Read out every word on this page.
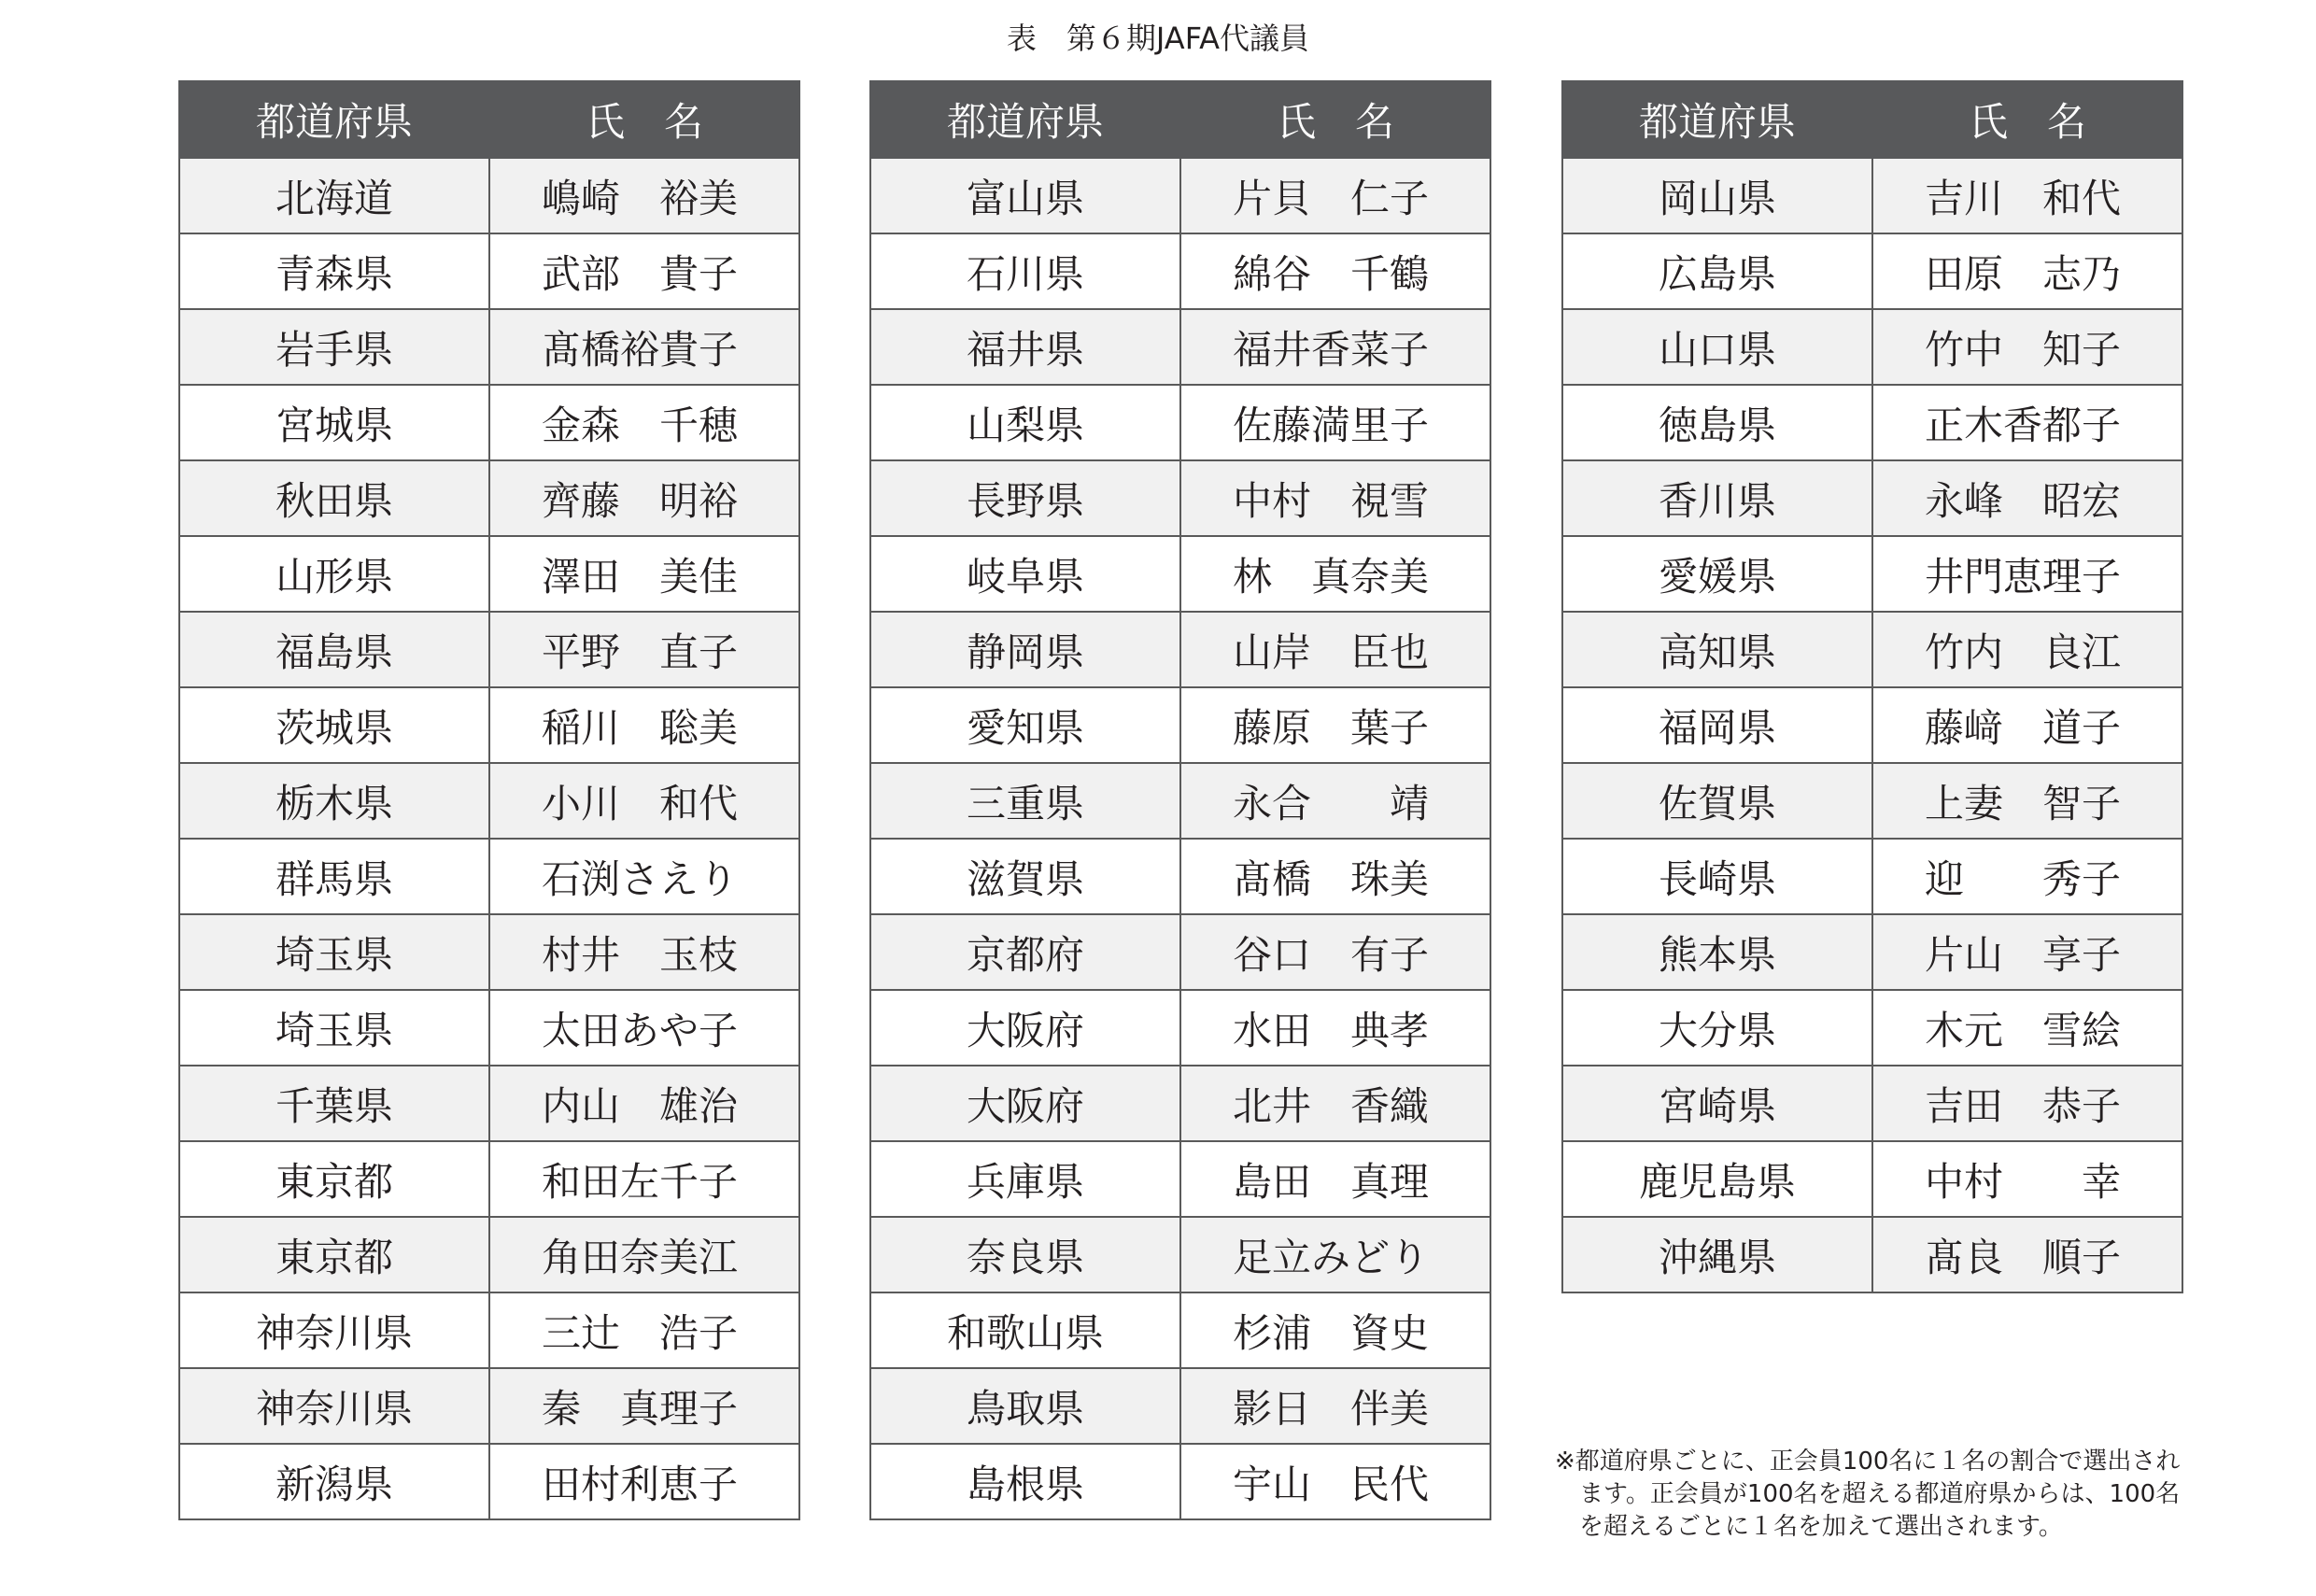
表　第６期JAFA代議員
都道府県	氏　名
北海道	嶋崎　裕美
青森県	武部　貴子
岩手県	髙橋裕貴子
宮城県	金森　千穂
秋田県	齊藤　明裕
山形県	澤田　美佳
福島県	平野　直子
茨城県	稲川　聡美
栃木県	小川　和代
群馬県	石渕さえり
埼玉県	村井　玉枝
埼玉県	太田あや子
千葉県	内山　雄治
東京都	和田左千子
東京都	角田奈美江
神奈川県	三辻　浩子
神奈川県	秦　真理子
新潟県	田村利恵子
都道府県	氏　名
富山県	片貝　仁子
石川県	綿谷　千鶴
福井県	福井香菜子
山梨県	佐藤満里子
長野県	中村　視雪
岐阜県	林　真奈美
静岡県	山岸　臣也
愛知県	藤原　葉子
三重県	永合　　靖
滋賀県	髙橋　珠美
京都府	谷口　有子
大阪府	水田　典孝
大阪府	北井　香織
兵庫県	島田　真理
奈良県	足立みどり
和歌山県	杉浦　資史
鳥取県	影日　伴美
島根県	宇山　民代
都道府県	氏　名
岡山県	吉川　和代
広島県	田原　志乃
山口県	竹中　知子
徳島県	正木香都子
香川県	永峰　昭宏
愛媛県	井門恵理子
高知県	竹内　良江
福岡県	藤﨑　道子
佐賀県	上妻　智子
長崎県	迎　　秀子
熊本県	片山　享子
大分県	木元　雪絵
宮崎県	吉田　恭子
鹿児島県	中村　　幸
沖縄県	髙良　順子
※都道府県ごとに、正会員100名に１名の割合で選出され
　ます。正会員が100名を超える都道府県からは、100名
　を超えるごとに１名を加えて選出されます。
